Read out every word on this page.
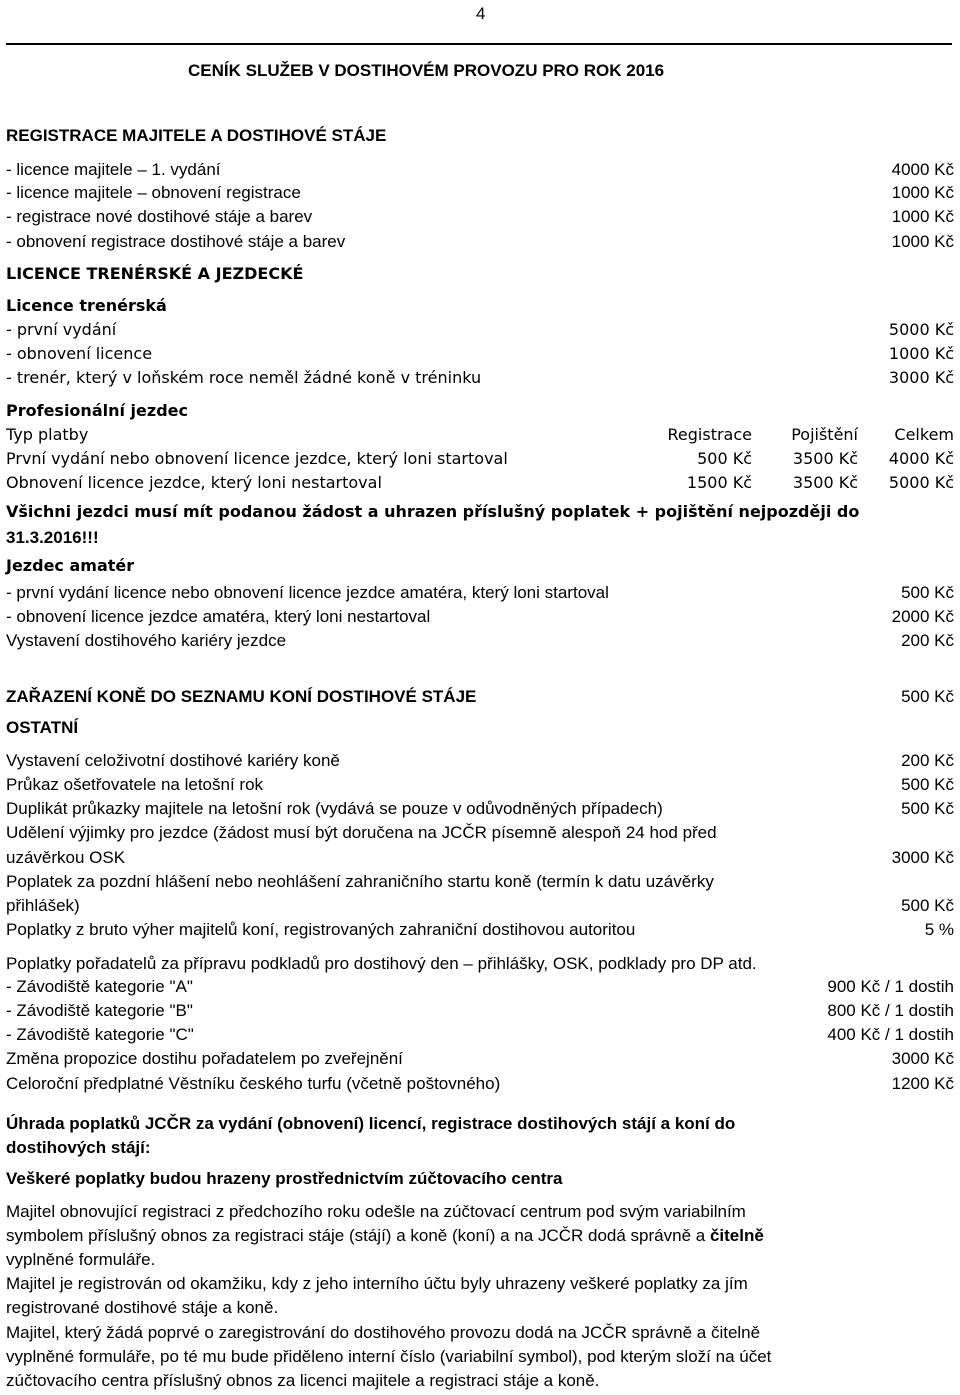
4
CENÍK SLUŽEB V DOSTIHOVÉM PROVOZU PRO ROK 2016
REGISTRACE MAJITELE A DOSTIHOVÉ STÁJE
- licence majitele – 1. vydání	4000 Kč
- licence majitele – obnovení registrace	1000 Kč
- registrace nové dostihové stáje a barev	1000 Kč
- obnovení registrace dostihové stáje a barev	1000 Kč
LICENCE TRENÉRSKÉ A JEZDECKÉ
Licence trenérská
- první vydání	5000 Kč
- obnovení licence	1000 Kč
- trenér, který v loňském roce neměl žádné koně v tréninku	3000 Kč
Profesionální jezdec
Typ platby	Registrace Pojištění Celkem
První vydání nebo obnovení licence jezdce, který loni startoval	500 Kč	3500 Kč 4000 Kč
Obnovení licence jezdce, který loni nestartoval	1500 Kč	3500 Kč 5000 Kč
Všichni jezdci musí mít podanou žádost a uhrazen příslušný poplatek + pojištění nejpozději do
31.3.2016!!!
Jezdec amatér
- první vydání licence nebo obnovení licence jezdce amatéra, který loni startoval	500 Kč
- obnovení licence jezdce amatéra, který loni nestartoval	2000 Kč
Vystavení dostihového kariéry jezdce	200 Kč
ZAŘAZENÍ KONĚ DO SEZNAMU KONÍ DOSTIHOVÉ STÁJE	500 Kč
OSTATNÍ
Vystavení celoživotní dostihové kariéry koně	200 Kč
Průkaz ošetřovatele na letošní rok	500 Kč
Duplikát průkazky majitele na letošní rok (vydává se pouze v odůvodněných případech)	500 Kč
Udělení výjimky pro jezdce (žádost musí být doručena na JCČR písemně alespoň 24 hod před
uzávěrkou OSK	3000 Kč
Poplatek za pozdní hlášení nebo neohlášení zahraničního startu koně (termín k datu uzávěrky
přihlášek)	500 Kč
Poplatky z bruto výher majitelů koní, registrovaných zahraniční dostihovou autoritou	5 %
Poplatky pořadatelů za přípravu podkladů pro dostihový den – přihlášky, OSK, podklady pro DP atd.
- Závodiště kategorie "A"	900 Kč / 1 dostih
- Závodiště kategorie "B"	800 Kč / 1 dostih
- Závodiště kategorie "C"	400 Kč / 1 dostih
Změna propozice dostihu pořadatelem po zveřejnění	3000 Kč
Celoroční předplatné Věstníku českého turfu (včetně poštovného)	1200 Kč
Úhrada poplatků JCČR za vydání (obnovení) licencí, registrace dostihových stájí a koní do
dostihových stájí:
Veškeré poplatky budou hrazeny prostřednictvím zúčtovacího centra
Majitel obnovující registraci z předchozího roku odešle na zúčtovací centrum pod svým variabilním
symbolem příslušný obnos za registraci stáje (stájí) a koně (koní) a na JCČR dodá správně a čitelně
vyplněné formuláře.
Majitel je registrován od okamžiku, kdy z jeho interního účtu byly uhrazeny veškeré poplatky za jím
registrované dostihové stáje a koně.
Majitel, který žádá poprvé o zaregistrování do dostihového provozu dodá na JCČR správně a čitelně
vyplněné formuláře, po té mu bude přiděleno interní číslo (variabilní symbol), pod kterým složí na účet
zúčtovacího centra příslušný obnos za licenci majitele a registraci stáje a koně.
